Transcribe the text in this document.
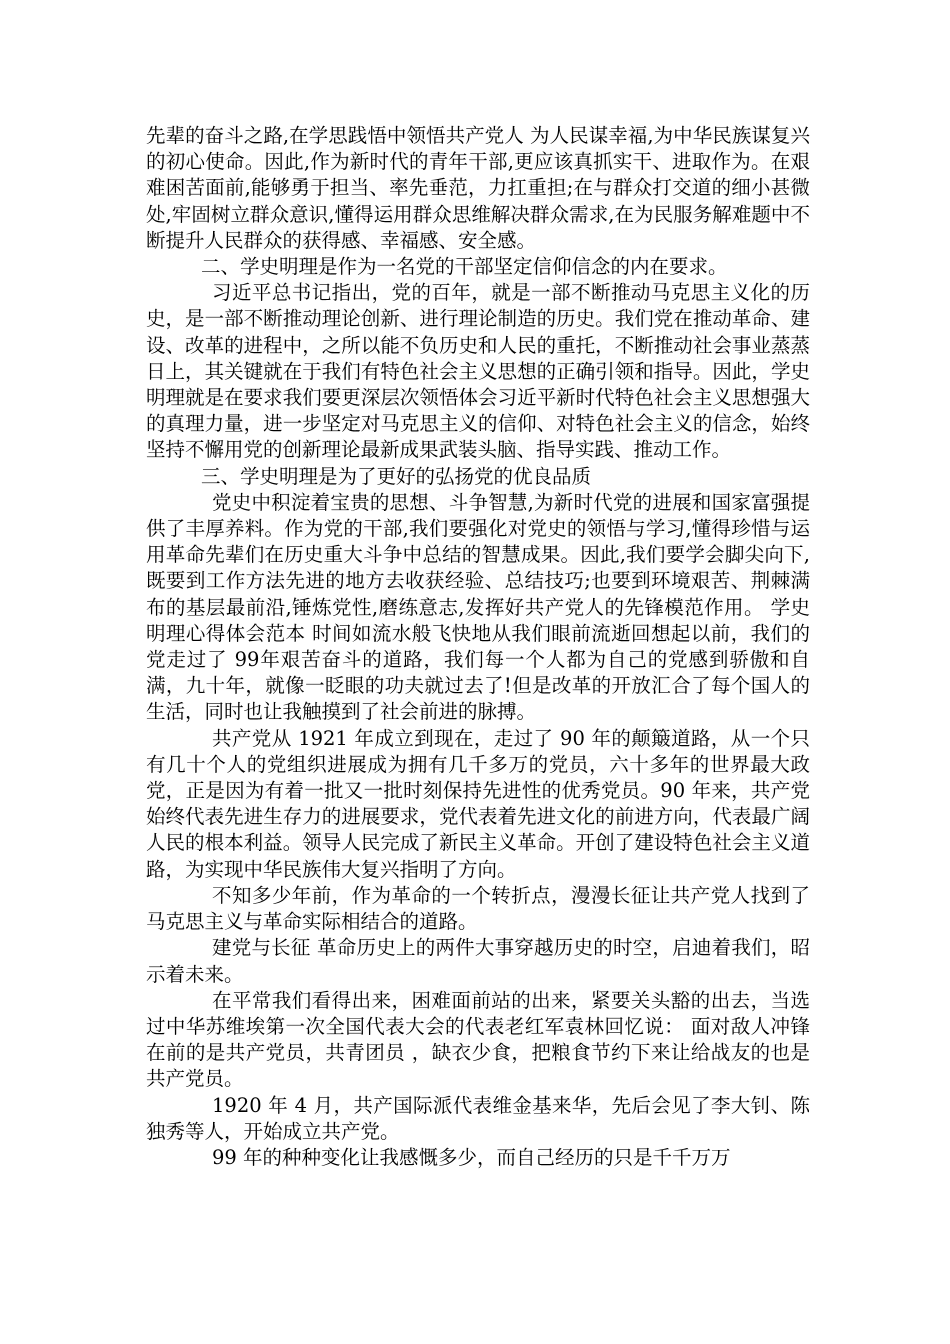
先辈的奋斗之路,在学思践悟中领悟共产党人 为人民谋幸福,为中华民族谋复兴 的初心使命。因此,作为新时代的青年干部,更应该真抓实干、进取作为。在艰难困苦面前,能够勇于担当、率先垂范，力扛重担;在与群众打交道的细小甚微处,牢固树立群众意识,懂得运用群众思维解决群众需求,在为民服务解难题中不断提升人民群众的获得感、幸福感、安全感。

二、学史明理是作为一名党的干部坚定信仰信念的内在要求。

习近平总书记指出，党的百年，就是一部不断推动马克思主义化的历史，是一部不断推动理论创新、进行理论制造的历史。我们党在推动革命、建设、改革的进程中，之所以能不负历史和人民的重托，不断推动社会事业蒸蒸日上，其关键就在于我们有特色社会主义思想的正确引领和指导。因此，学史明理就是在要求我们要更深层次领悟体会习近平新时代特色社会主义思想强大的真理力量，进一步坚定对马克思主义的信仰、对特色社会主义的信念，始终坚持不懈用党的创新理论最新成果武装头脑、指导实践、推动工作。

三、学史明理是为了更好的弘扬党的优良品质

党史中积淀着宝贵的思想、斗争智慧,为新时代党的进展和国家富强提供了丰厚养料。作为党的干部,我们要强化对党史的领悟与学习,懂得珍惜与运用革命先辈们在历史重大斗争中总结的智慧成果。因此,我们要学会脚尖向下,既要到工作方法先进的地方去收获经验、总结技巧;也要到环境艰苦、荆棘满布的基层最前沿,锤炼党性,磨练意志,发挥好共产党人的先锋模范作用。 学史明理心得体会范本 时间如流水般飞快地从我们眼前流逝回想起以前，我们的党走过了 99年艰苦奋斗的道路，我们每一个人都为自己的党感到骄傲和自满，九十年，就像一眨眼的功夫就过去了!但是改革的开放汇合了每个国人的生活，同时也让我触摸到了社会前进的脉搏。

共产党从 1921 年成立到现在，走过了 90 年的颠簸道路，从一个只有几十个人的党组织进展成为拥有几千多万的党员，六十多年的世界最大政党，正是因为有着一批又一批时刻保持先进性的优秀党员。90 年来，共产党始终代表先进生存力的进展要求，党代表着先进文化的前进方向，代表最广阔人民的根本利益。领导人民完成了新民主义革命。开创了建设特色社会主义道路，为实现中华民族伟大复兴指明了方向。

不知多少年前，作为革命的一个转折点，漫漫长征让共产党人找到了马克思主义与革命实际相结合的道路。

建党与长征 革命历史上的两件大事穿越历史的时空，启迪着我们，昭示着未来。

在平常我们看得出来，困难面前站的出来，紧要关头豁的出去，当选过中华苏维埃第一次全国代表大会的代表老红军袁林回忆说： 面对敌人冲锋在前的是共产党员，共青团员 ，缺衣少食，把粮食节约下来让给战友的也是共产党员。

1920 年 4 月，共产国际派代表维金基来华，先后会见了李大钊、陈独秀等人，开始成立共产党。

99 年的种种变化让我感慨多少，而自己经历的只是千千万万
